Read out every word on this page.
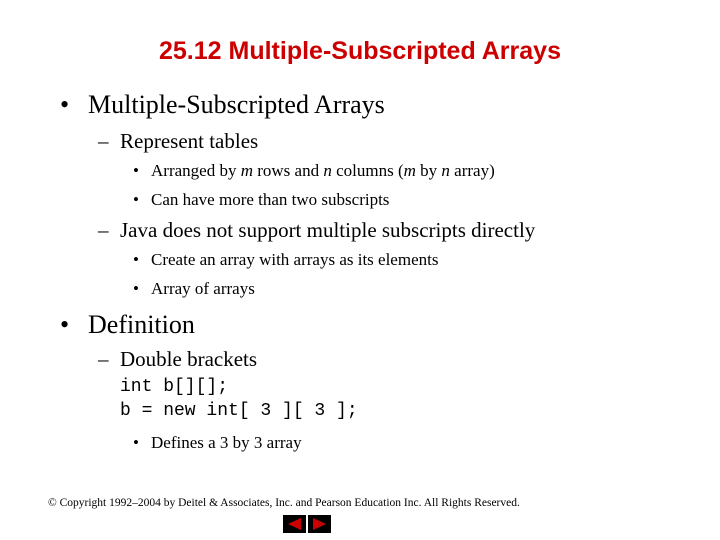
25.12 Multiple-Subscripted Arrays
• Multiple-Subscripted Arrays
– Represent tables
• Arranged by m rows and n columns (m by n array)
• Can have more than two subscripts
– Java does not support multiple subscripts directly
• Create an array with arrays as its elements
• Array of arrays
• Definition
– Double brackets
int b[][];
b = new int[ 3 ][ 3 ];
• Defines a 3 by 3 array
© Copyright 1992–2004 by Deitel & Associates, Inc. and Pearson Education Inc. All Rights Reserved.
